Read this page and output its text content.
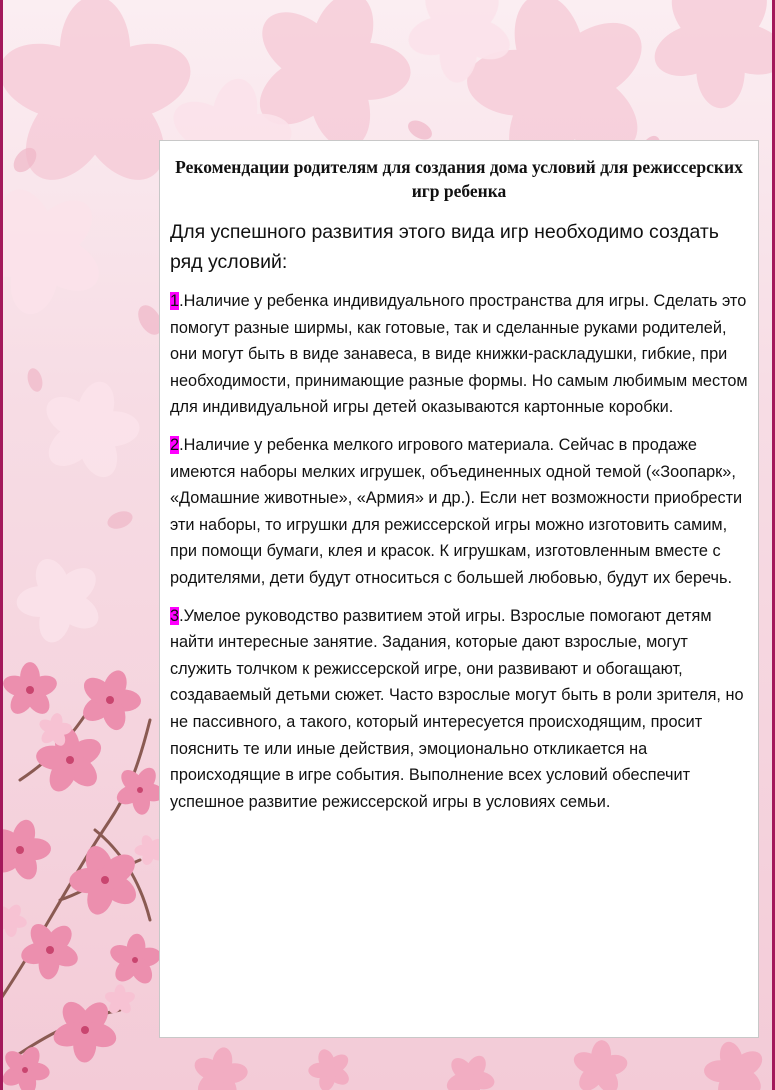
Рекомендации родителям для создания дома условий для режиссерских игр ребенка

Для успешного развития этого вида игр необходимо создать ряд условий:

1.Наличие у ребенка индивидуального пространства для игры. Сделать это помогут разные ширмы, как готовые, так и сделанные руками родителей, они могут быть в виде занавеса, в виде книжки-раскладушки, гибкие, при необходимости, принимающие разные формы. Но самым любимым местом для индивидуальной игры детей оказываются картонные коробки.

2.Наличие у ребенка мелкого игрового материала. Сейчас в продаже имеются наборы мелких игрушек, объединенных одной темой («Зоопарк», «Домашние животные», «Армия» и др.). Если нет возможности приобрести эти наборы, то игрушки для режиссерской игры можно изготовить самим, при помощи бумаги, клея и красок. К игрушкам, изготовленным вместе с родителями, дети будут относиться с большей любовью, будут их беречь.

3.Умелое руководство развитием этой игры. Взрослые помогают детям найти интересные занятие. Задания, которые дают взрослые, могут служить толчком к режиссерской игре, они развивают и обогащают, создаваемый детьми сюжет. Часто взрослые могут быть в роли зрителя, но не пассивного, а такого, который интересуется происходящим, просит пояснить те или иные действия, эмоционально откликается на происходящие в игре события. Выполнение всех условий обеспечит успешное развитие режиссерской игры в условиях семьи.
